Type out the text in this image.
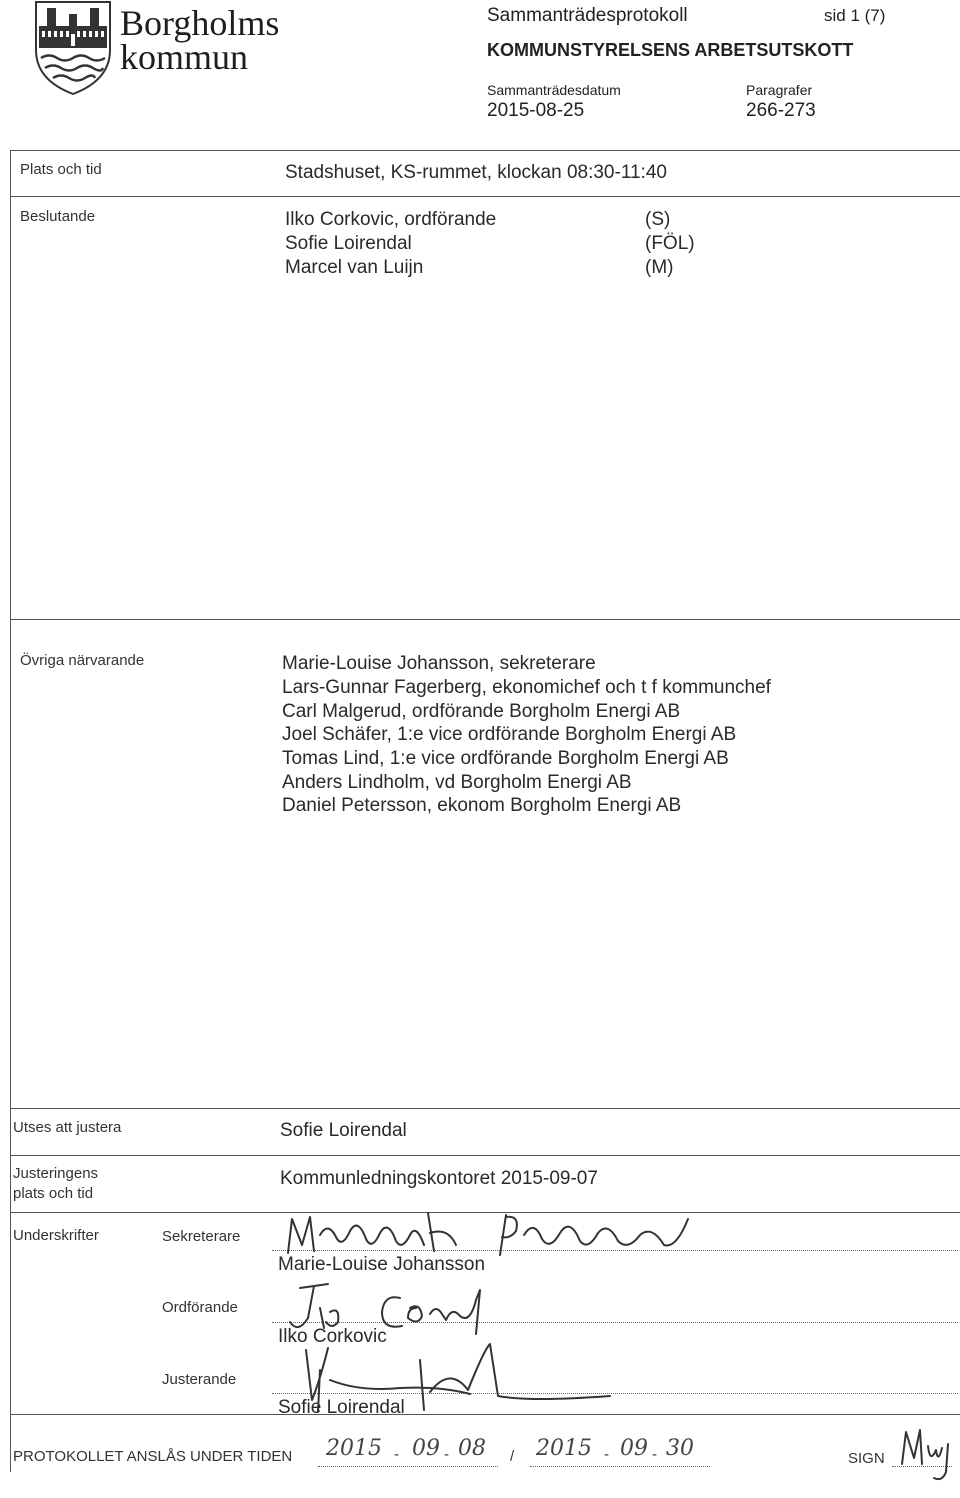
Borgholms
kommun
Sammanträdesprotokoll	sid 1 (7)
KOMMUNSTYRELSENS ARBETSUTSKOTT
Sammanträdesdatum
2015-08-25
Paragrafer
266-273
Plats och tid	Stadshuset, KS-rummet, klockan 08:30-11:40
Beslutande	Ilko Corkovic, ordförande	(S)
Sofie Loirendal	(FÖL)
Marcel van Luijn	(M)
Övriga närvarande	Marie-Louise Johansson, sekreterare
Lars-Gunnar Fagerberg, ekonomichef och t f kommunchef
Carl Malgerud, ordförande Borgholm Energi AB
Joel Schäfer, 1:e vice ordförande Borgholm Energi AB
Tomas Lind, 1:e vice ordförande Borgholm Energi AB
Anders Lindholm, vd Borgholm Energi AB
Daniel Petersson, ekonom Borgholm Energi AB
Utses att justera	Sofie Loirendal
Justeringens
plats och tid
Kommunledningskontoret 2015-09-07
Underskrifter	Sekreterare
Marie-Louise Johansson
Ordförande
Ilko Corkovic
Justerande
Sofie Loirendal
PROTOKOLLET ANSLÅS UNDER TIDEN 2015 - 09 - 08 / 2015 - 09 - 30	SIGN
